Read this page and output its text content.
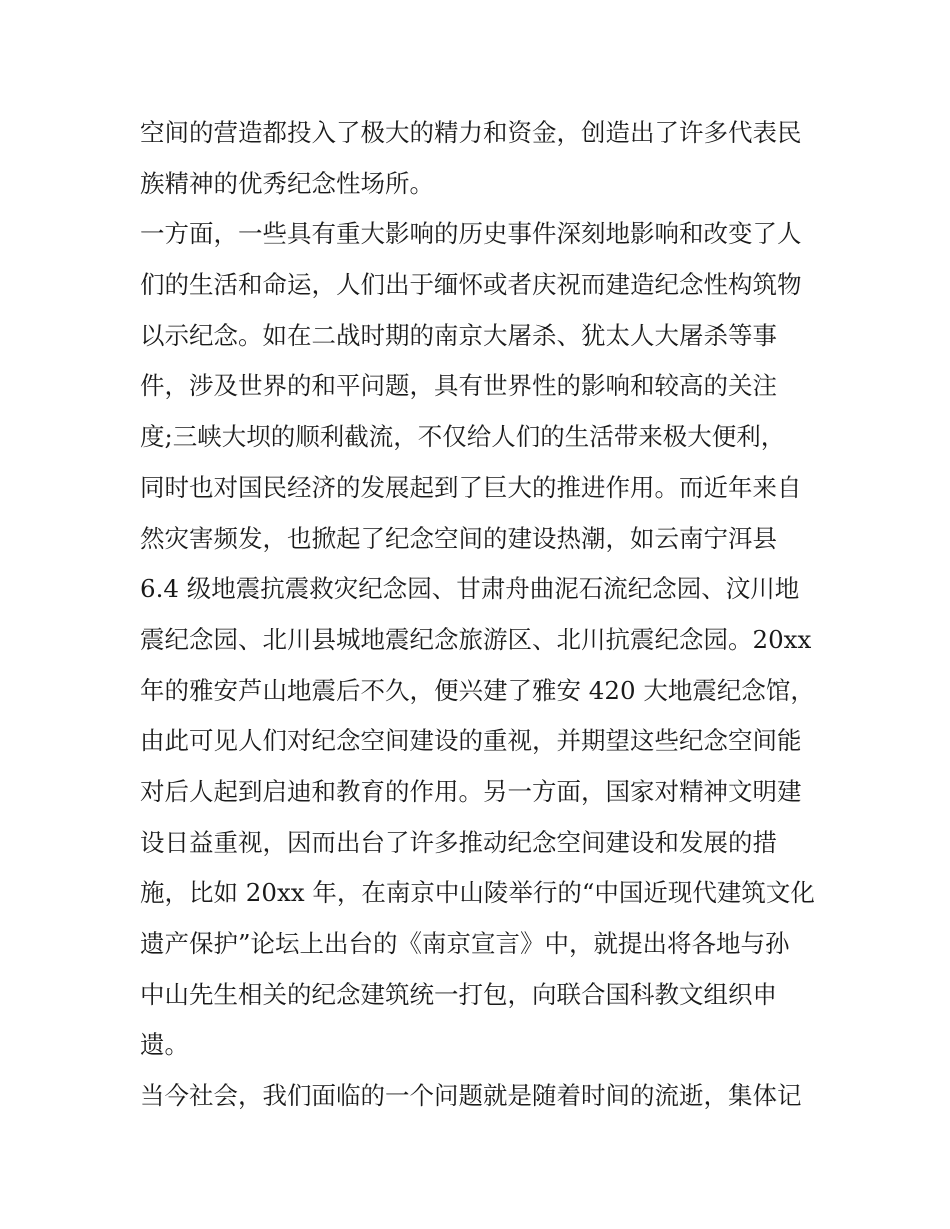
空间的营造都投入了极大的精力和资金，创造出了许多代表民
族精神的优秀纪念性场所。
一方面，一些具有重大影响的历史事件深刻地影响和改变了人
们的生活和命运，人们出于缅怀或者庆祝而建造纪念性构筑物
以示纪念。如在二战时期的南京大屠杀、犹太人大屠杀等事
件，涉及世界的和平问题，具有世界性的影响和较高的关注
度;三峡大坝的顺利截流，不仅给人们的生活带来极大便利，
同时也对国民经济的发展起到了巨大的推进作用。而近年来自
然灾害频发，也掀起了纪念空间的建设热潮，如云南宁洱县
6.4 级地震抗震救灾纪念园、甘肃舟曲泥石流纪念园、汶川地
震纪念园、北川县城地震纪念旅游区、北川抗震纪念园。20xx
年的雅安芦山地震后不久，便兴建了雅安 420 大地震纪念馆，
由此可见人们对纪念空间建设的重视，并期望这些纪念空间能
对后人起到启迪和教育的作用。另一方面，国家对精神文明建
设日益重视，因而出台了许多推动纪念空间建设和发展的措
施，比如 20xx 年，在南京中山陵举行的“中国近现代建筑文化
遗产保护”论坛上出台的《南京宣言》中，就提出将各地与孙
中山先生相关的纪念建筑统一打包，向联合国科教文组织申
遗。
当今社会，我们面临的一个问题就是随着时间的流逝，集体记
